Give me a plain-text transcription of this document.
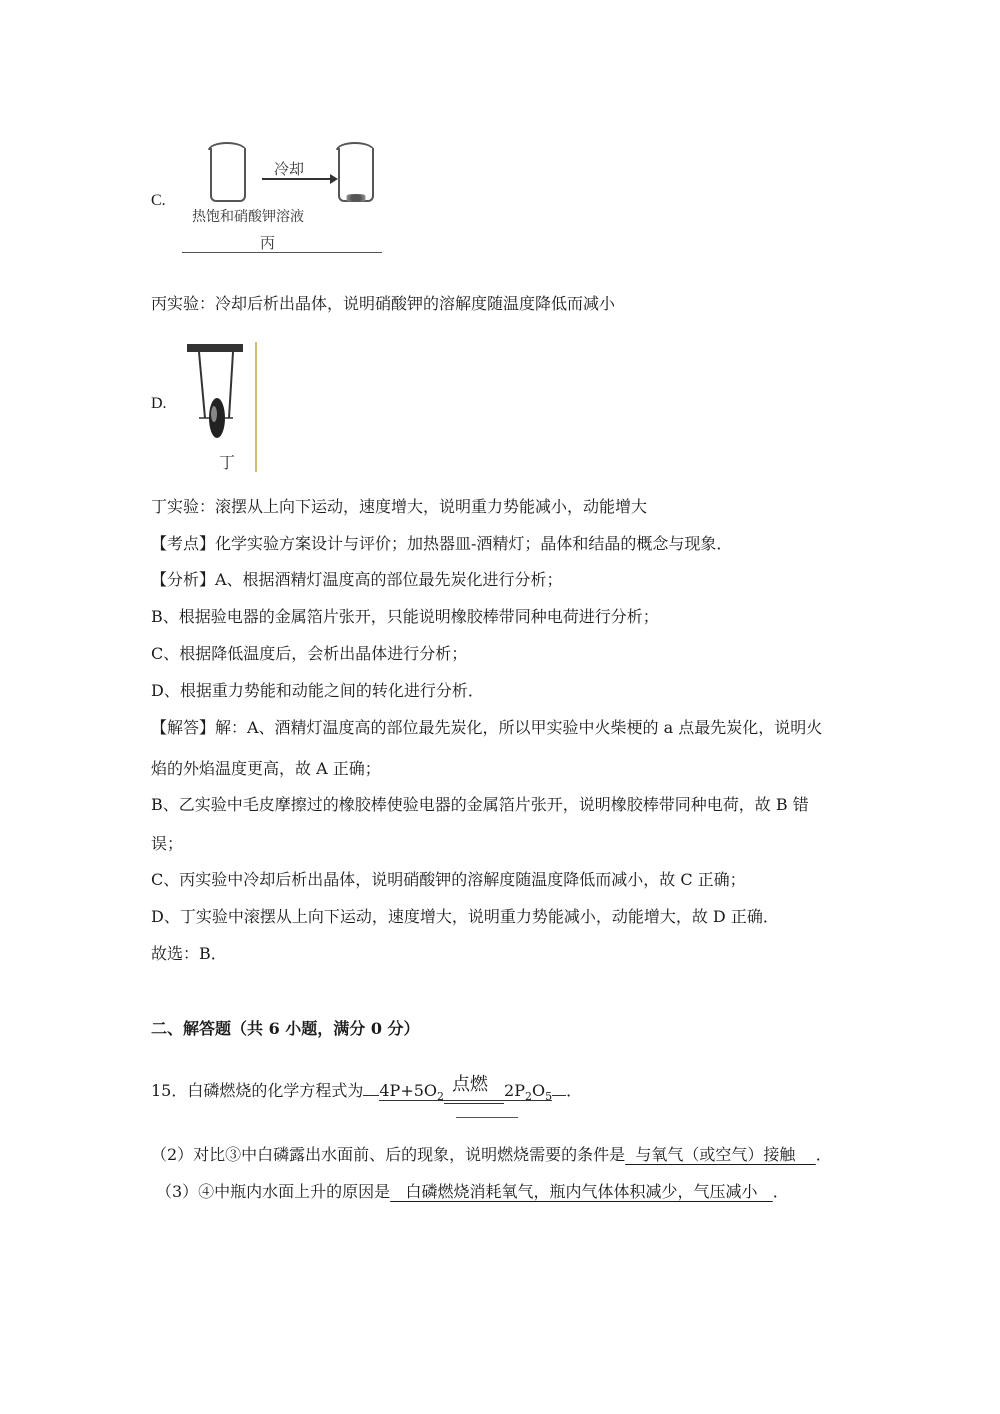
C.
冷却
热饱和硝酸钾溶液
丙
丙实验：冷却后析出晶体，说明硝酸钾的溶解度随温度降低而减小
D.
丁
丁实验：滚摆从上向下运动，速度增大，说明重力势能减小，动能增大
【考点】化学实验方案设计与评价；加热器皿-酒精灯；晶体和结晶的概念与现象．
【分析】A、根据酒精灯温度高的部位最先炭化进行分析；
B、根据验电器的金属箔片张开，只能说明橡胶棒带同种电荷进行分析；
C、根据降低温度后，会析出晶体进行分析；
D、根据重力势能和动能之间的转化进行分析．
【解答】解：A、酒精灯温度高的部位最先炭化，所以甲实验中火柴梗的 a 点最先炭化，说明火
焰的外焰温度更高，故 A 正确；
B、乙实验中毛皮摩擦过的橡胶棒使验电器的金属箔片张开，说明橡胶棒带同种电荷，故 B 错
误；
C、丙实验中冷却后析出晶体，说明硝酸钾的溶解度随温度降低而减小，故 C 正确；
D、丁实验中滚摆从上向下运动，速度增大，说明重力势能减小，动能增大，故 D 正确．
故选：B．
二、解答题（共 6 小题，满分 0 分）
15．白磷燃烧的化学方程式为 $4P+5O_2$
点燃 $2P_2O_5$ ．
（2）对比③中白磷露出水面前、后的现象，说明燃烧需要的条件是 与氧气（或空气）接触 ．
（3）④中瓶内水面上升的原因是 白磷燃烧消耗氧气，瓶内气体体积减少，气压减小 ．
